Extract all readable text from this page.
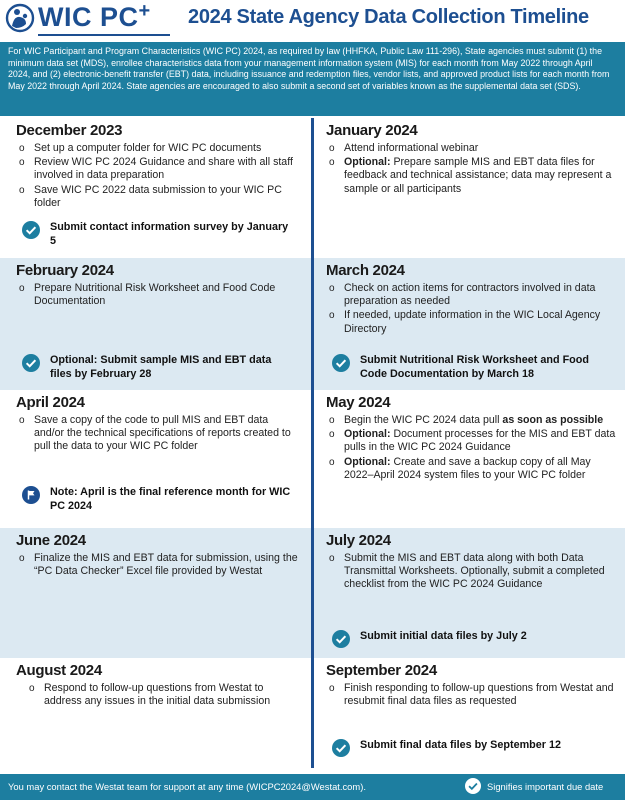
WIC PC+ 2024 State Agency Data Collection Timeline
For WIC Participant and Program Characteristics (WIC PC) 2024, as required by law (HHFKA, Public Law 111-296), State agencies must submit (1) the minimum data set (MDS), enrollee characteristics data from your management information system (MIS) for each month from May 2022 through April 2024, and (2) electronic-benefit transfer (EBT) data, including issuance and redemption files, vendor lists, and approved product lists for each month from May 2022 through April 2024. State agencies are encouraged to also submit a second set of variables known as the supplemental data set (SDS).
December 2023
o Set up a computer folder for WIC PC documents
o Review WIC PC 2024 Guidance and share with all staff involved in data preparation
o Save WIC PC 2022 data submission to your WIC PC folder
Submit contact information survey by January 5
January 2024
o Attend informational webinar
o Optional: Prepare sample MIS and EBT data files for feedback and technical assistance; data may represent a sample or all participants
February 2024
o Prepare Nutritional Risk Worksheet and Food Code Documentation
Optional: Submit sample MIS and EBT data files by February 28
March 2024
o Check on action items for contractors involved in data preparation as needed
o If needed, update information in the WIC Local Agency Directory
Submit Nutritional Risk Worksheet and Food Code Documentation by March 18
April 2024
o Save a copy of the code to pull MIS and EBT data and/or the technical specifications of reports created to pull the data to your WIC PC folder
Note: April is the final reference month for WIC PC 2024
May 2024
o Begin the WIC PC 2024 data pull as soon as possible
o Optional: Document processes for the MIS and EBT data pulls in the WIC PC 2024 Guidance
o Optional: Create and save a backup copy of all May 2022–April 2024 system files to your WIC PC folder
June 2024
o Finalize the MIS and EBT data for submission, using the “PC Data Checker” Excel file provided by Westat
July 2024
o Submit the MIS and EBT data along with both Data Transmittal Worksheets. Optionally, submit a completed checklist from the WIC PC 2024 Guidance
Submit initial data files by July 2
August 2024
o Respond to follow-up questions from Westat to address any issues in the initial data submission
September 2024
o Finish responding to follow-up questions from Westat and resubmit final data files as requested
Submit final data files by September 12
You may contact the Westat team for support at any time (WICPC2024@Westat.com).	Signifies important due date
